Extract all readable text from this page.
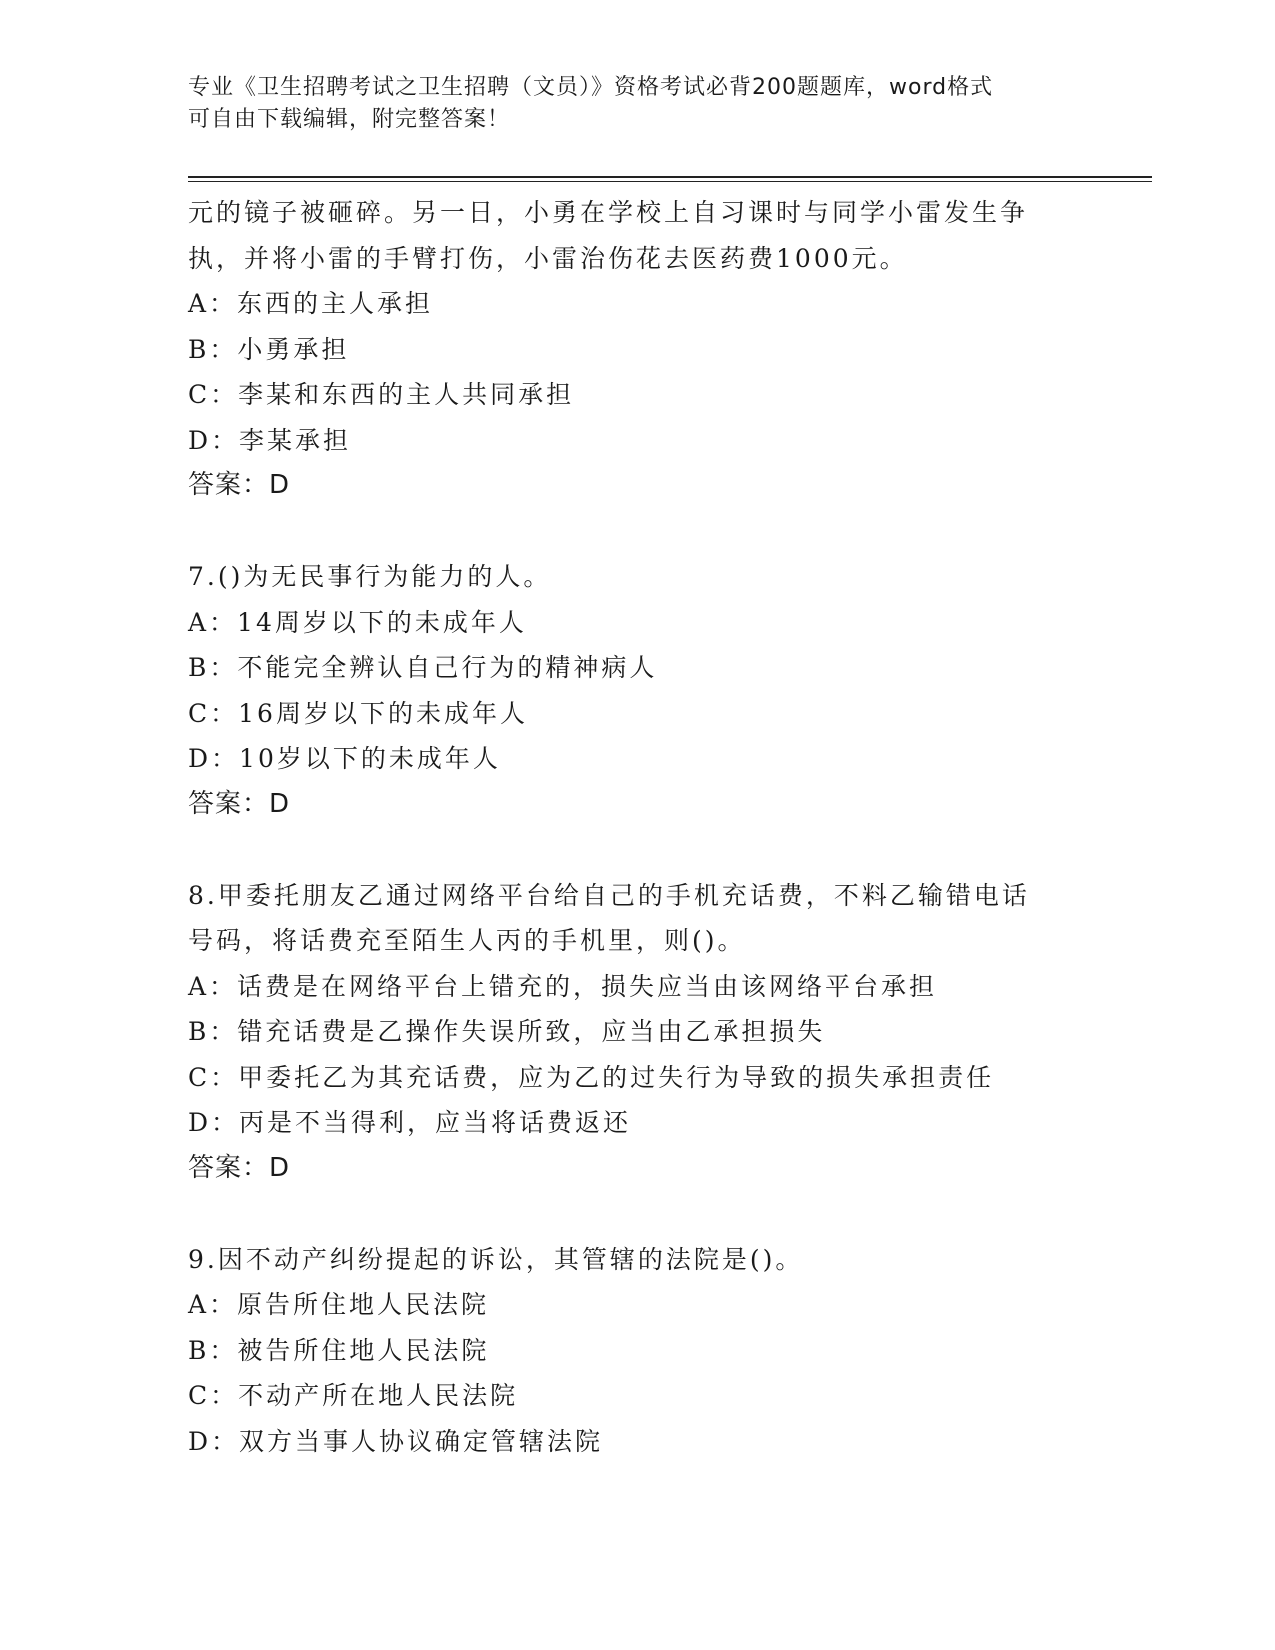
专业《卫生招聘考试之卫生招聘（文员）》资格考试必背200题题库，word格式
可自由下载编辑，附完整答案！
元的镜子被砸碎。另一日，小勇在学校上自习课时与同学小雷发生争
执，并将小雷的手臂打伤，小雷治伤花去医药费1000元。
A：东西的主人承担
B：小勇承担
C：李某和东西的主人共同承担
D：李某承担
答案：D
7.()为无民事行为能力的人。
A：14周岁以下的未成年人
B：不能完全辨认自己行为的精神病人
C：16周岁以下的未成年人
D：10岁以下的未成年人
答案：D
8.甲委托朋友乙通过网络平台给自己的手机充话费，不料乙输错电话
号码，将话费充至陌生人丙的手机里，则()。
A：话费是在网络平台上错充的，损失应当由该网络平台承担
B：错充话费是乙操作失误所致，应当由乙承担损失
C：甲委托乙为其充话费，应为乙的过失行为导致的损失承担责任
D：丙是不当得利，应当将话费返还
答案：D
9.因不动产纠纷提起的诉讼，其管辖的法院是()。
A：原告所住地人民法院
B：被告所住地人民法院
C：不动产所在地人民法院
D：双方当事人协议确定管辖法院
